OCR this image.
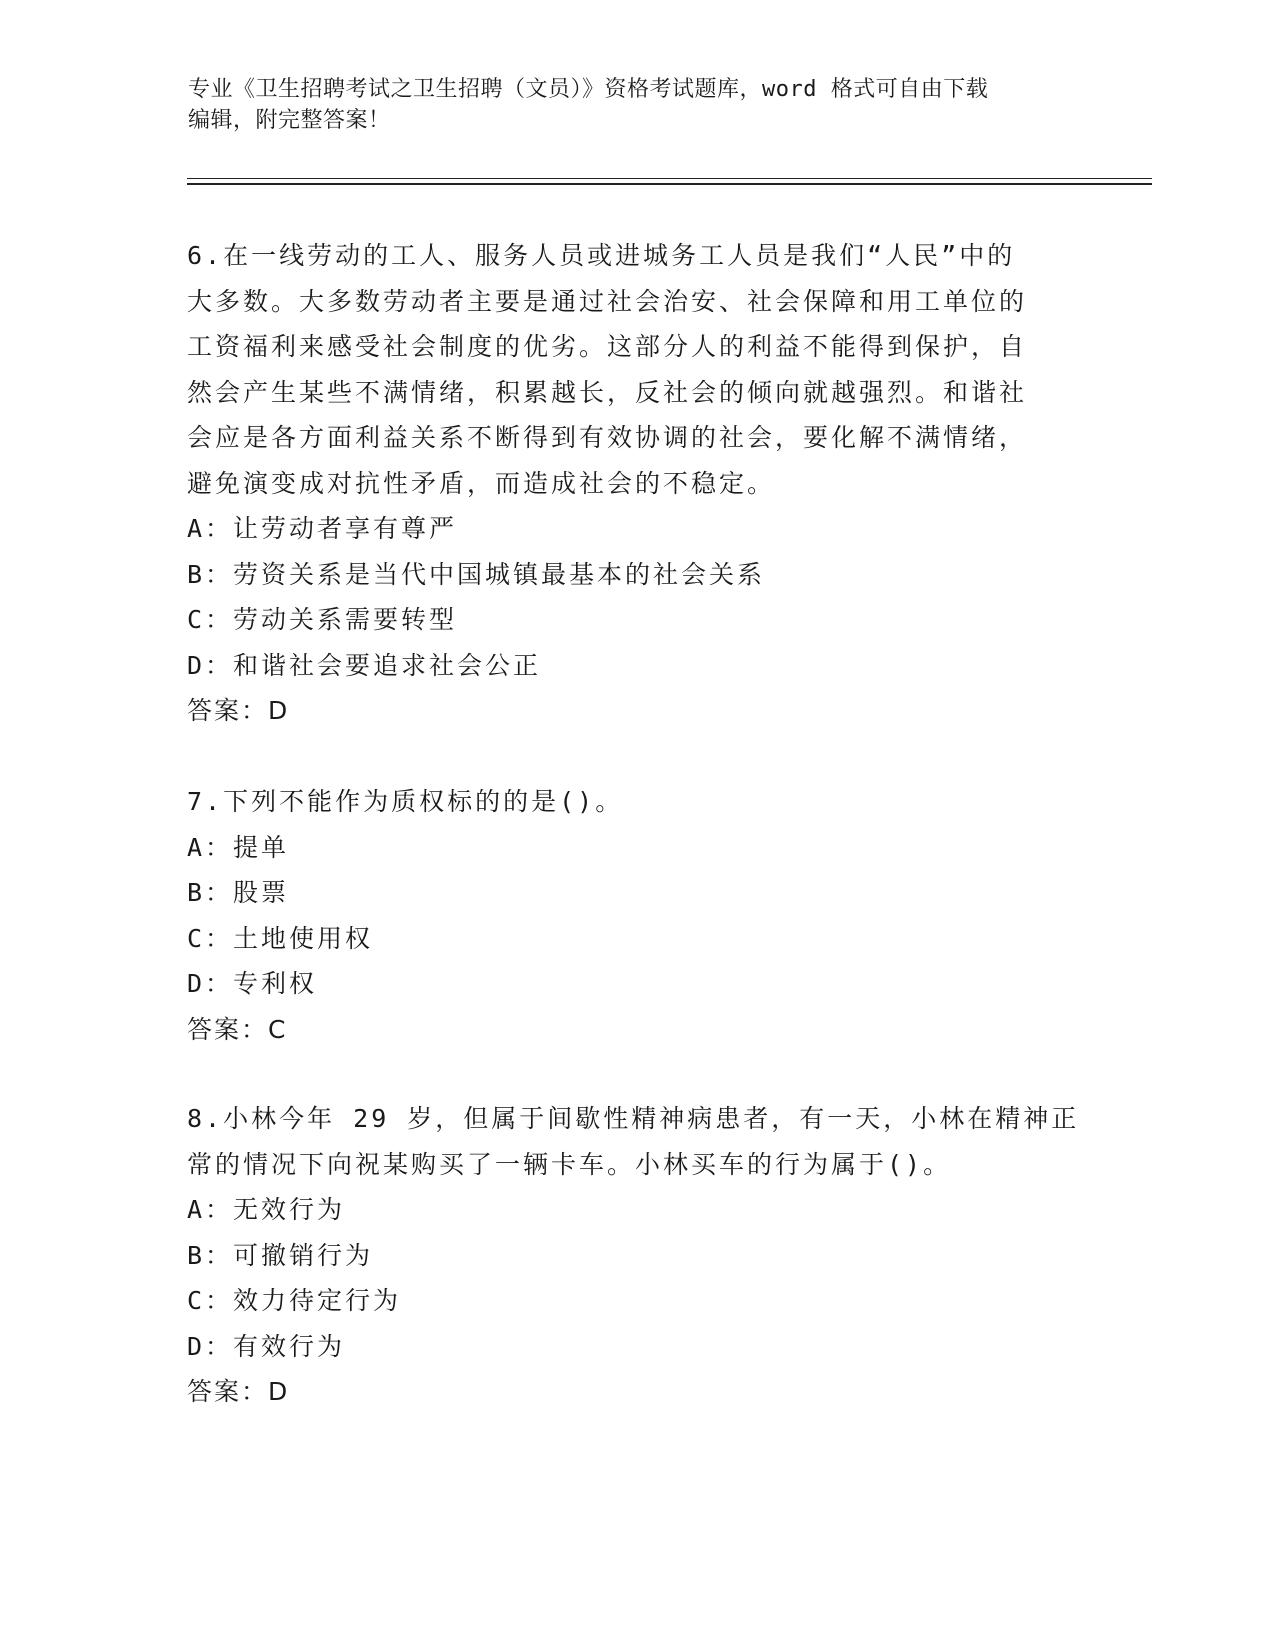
专业《卫生招聘考试之卫生招聘（文员）》资格考试题库，word 格式可自由下载
编辑，附完整答案！

6.在一线劳动的工人、服务人员或进城务工人员是我们“人民”中的

大多数。大多数劳动者主要是通过社会治安、社会保障和用工单位的

工资福利来感受社会制度的优劣。这部分人的利益不能得到保护，自

然会产生某些不满情绪，积累越长，反社会的倾向就越强烈。和谐社

会应是各方面利益关系不断得到有效协调的社会，要化解不满情绪，

避免演变成对抗性矛盾，而造成社会的不稳定。

A：让劳动者享有尊严

B：劳资关系是当代中国城镇最基本的社会关系

C：劳动关系需要转型

D：和谐社会要追求社会公正

答案：D

7.下列不能作为质权标的的是()。

A：提单

B：股票

C：土地使用权

D：专利权

答案：C

8.小林今年 29 岁，但属于间歇性精神病患者，有一天，小林在精神正

常的情况下向祝某购买了一辆卡车。小林买车的行为属于()。

A：无效行为

B：可撤销行为

C：效力待定行为

D：有效行为

答案：D
